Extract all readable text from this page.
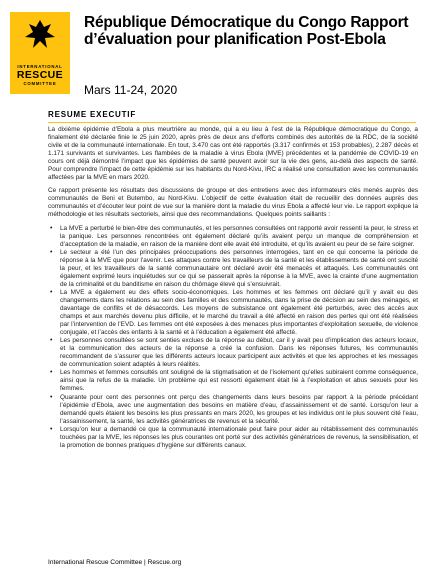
INTERNATIONAL
RESCUE
COMMITTEE
République Démocratique du Congo Rapport d’évaluation pour planification Post-Ebola
Mars 11-24, 2020
RESUME EXECUTIF

La dixième épidémie d’Ebola a plus meurtrière au monde, qui a eu lieu à l’est de la République démocratique du Congo, a finalement été déclarée finie le 25 juin 2020, après près de deux ans d’efforts combinés des autorités de la RDC, de la société civile et de la communauté internationale. En tout, 3.470 cas ont été rapportés (3.317 confirmés et 153 probables), 2.287 décès et 1.171 survivants et survivantes. Les flambées de la maladie à virus Ebola (MVE) précédentes et la pandémie de COVID-19 en cours ont déjà démontré l’impact que les épidémies de santé peuvent avoir sur la vie des gens, au-delà des aspects de santé. Pour comprendre l’impact de cette épidémie sur les habitants du Nord-Kivu, IRC a réalisé une consultation avec les communautés affectées par la MVE en mars 2020.

Ce rapport présente les résultats des discussions de groupe et des entretiens avec des informateurs clés menés auprès des communautés de Beni et Butembo, au Nord-Kivu. L’objectif de cette évaluation était de recueillir des données auprès des communautés et d’écouter leur point de vue sur la manière dont la maladie du virus Ebola a affecté leur vie. Le rapport explique la méthodologie et les résultats sectoriels, ainsi que des recommandations. Quelques points saillants :

• La MVE a perturbé le bien-être des communautés, et les personnes consultées ont rapporté avoir ressenti la peur, le stress et la panique. Les personnes rencontrées ont également déclaré qu’ils avaient perçu un manque de compréhension et d’acceptation de la maladie, en raison de la manière dont elle avait été introduite, et qu’ils avaient eu peur de se faire soigner.
• Le secteur a été l’un des principales préoccupations des personnes interrogées, tant en ce qui concerne la période de réponse à la MVE que pour l’avenir. Les attaques contre les travailleurs de la santé et les établissements de santé ont suscité la peur, et les travailleurs de la santé communautaire ont déclaré avoir été menacés et attaqués. Les communautés ont également exprimé leurs inquiétudes sur ce qui se passerait après la réponse à la MVE, avec la crainte d’une augmentation de la criminalité et du banditisme en raison du chômage élevé qui s’ensuivrait.
• La MVE a également eu des effets socio-économiques. Les hommes et les femmes ont déclaré qu’il y avait eu des changements dans les relations au sein des familles et des communautés, dans la prise de décision au sein des ménages, et davantage de conflits et de désaccords. Les moyens de subsistance ont également été perturbés, avec des accès aux champs et aux marchés devenu plus difficile, et le marché du travail a été affecté en raison des pertes qui ont été réalisées par l’intervention de l’EVD. Les femmes ont été exposées à des menaces plus importantes d’exploitation sexuelle, de violence conjugale, et l’accès des enfants à la santé et à l’éducation a également été affecté.
• Les personnes consultées se sont senties exclues de la réponse au début, car il y avait peu d’implication des acteurs locaux, et la communication des acteurs de la réponse a créé la confusion. Dans les réponses futures, les communautés recommandent de s’assurer que les différents acteurs locaux participent aux activités et que les approches et les messages de communication soient adaptés à leurs réalités.
• Les hommes et femmes consultés ont souligné de la stigmatisation et de l’isolement qu’elles subiraient comme conséquence, ainsi que la refus de la maladie. Un problème qui est ressorti également était lié à l’exploitation et abus sexuels pour les femmes.
• Quarante pour cent des personnes ont perçu des changements dans leurs besoins par rapport à la période précédant l’épidémie d’Ebola, avec une augmentation des besoins en matière d’eau, d’assainissement et de santé. Lorsqu’on leur a demandé quels étaient les besoins les plus pressants en mars 2020, les groupes et les individus ont le plus souvent cité l’eau, l’assainissement, la santé, les activités génératrices de revenus et la sécurité.
• Lorsqu’on leur a demandé ce que la communauté internationale peut faire pour aider au rétablissement des communautés touchées par la MVE, les réponses les plus courantes ont porté sur des activités génératrices de revenus, la sensibilisation, et la promotion de bonnes pratiques d’hygiène sur différents canaux.
International Rescue Committee | Rescue.org
